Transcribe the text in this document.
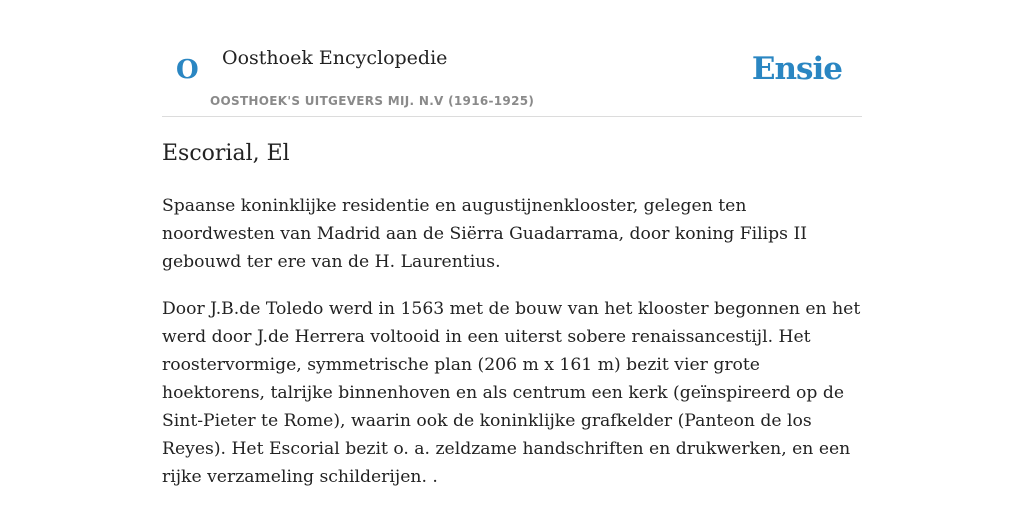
O Oosthoek Encyclopedie
OOSTHOEK'S UITGEVERS MIJ. N.V (1916-1925)
Ensie
Escorial, El

Spaanse koninklijke residentie en augustijnenklooster, gelegen ten noordwesten van Madrid aan de Siërra Guadarrama, door koning Filips II gebouwd ter ere van de H. Laurentius.

Door J.B.de Toledo werd in 1563 met de bouw van het klooster begonnen en het werd door J.de Herrera voltooid in een uiterst sobere renaissancestijl. Het roostervormige, symmetrische plan (206 m x 161 m) bezit vier grote hoektorens, talrijke binnenhoven en als centrum een kerk (geïnspireerd op de Sint-Pieter te Rome), waarin ook de koninklijke grafkelder (Panteon de los Reyes). Het Escorial bezit o. a. zeldzame handschriften en drukwerken, en een rijke verzameling schilderijen. .
